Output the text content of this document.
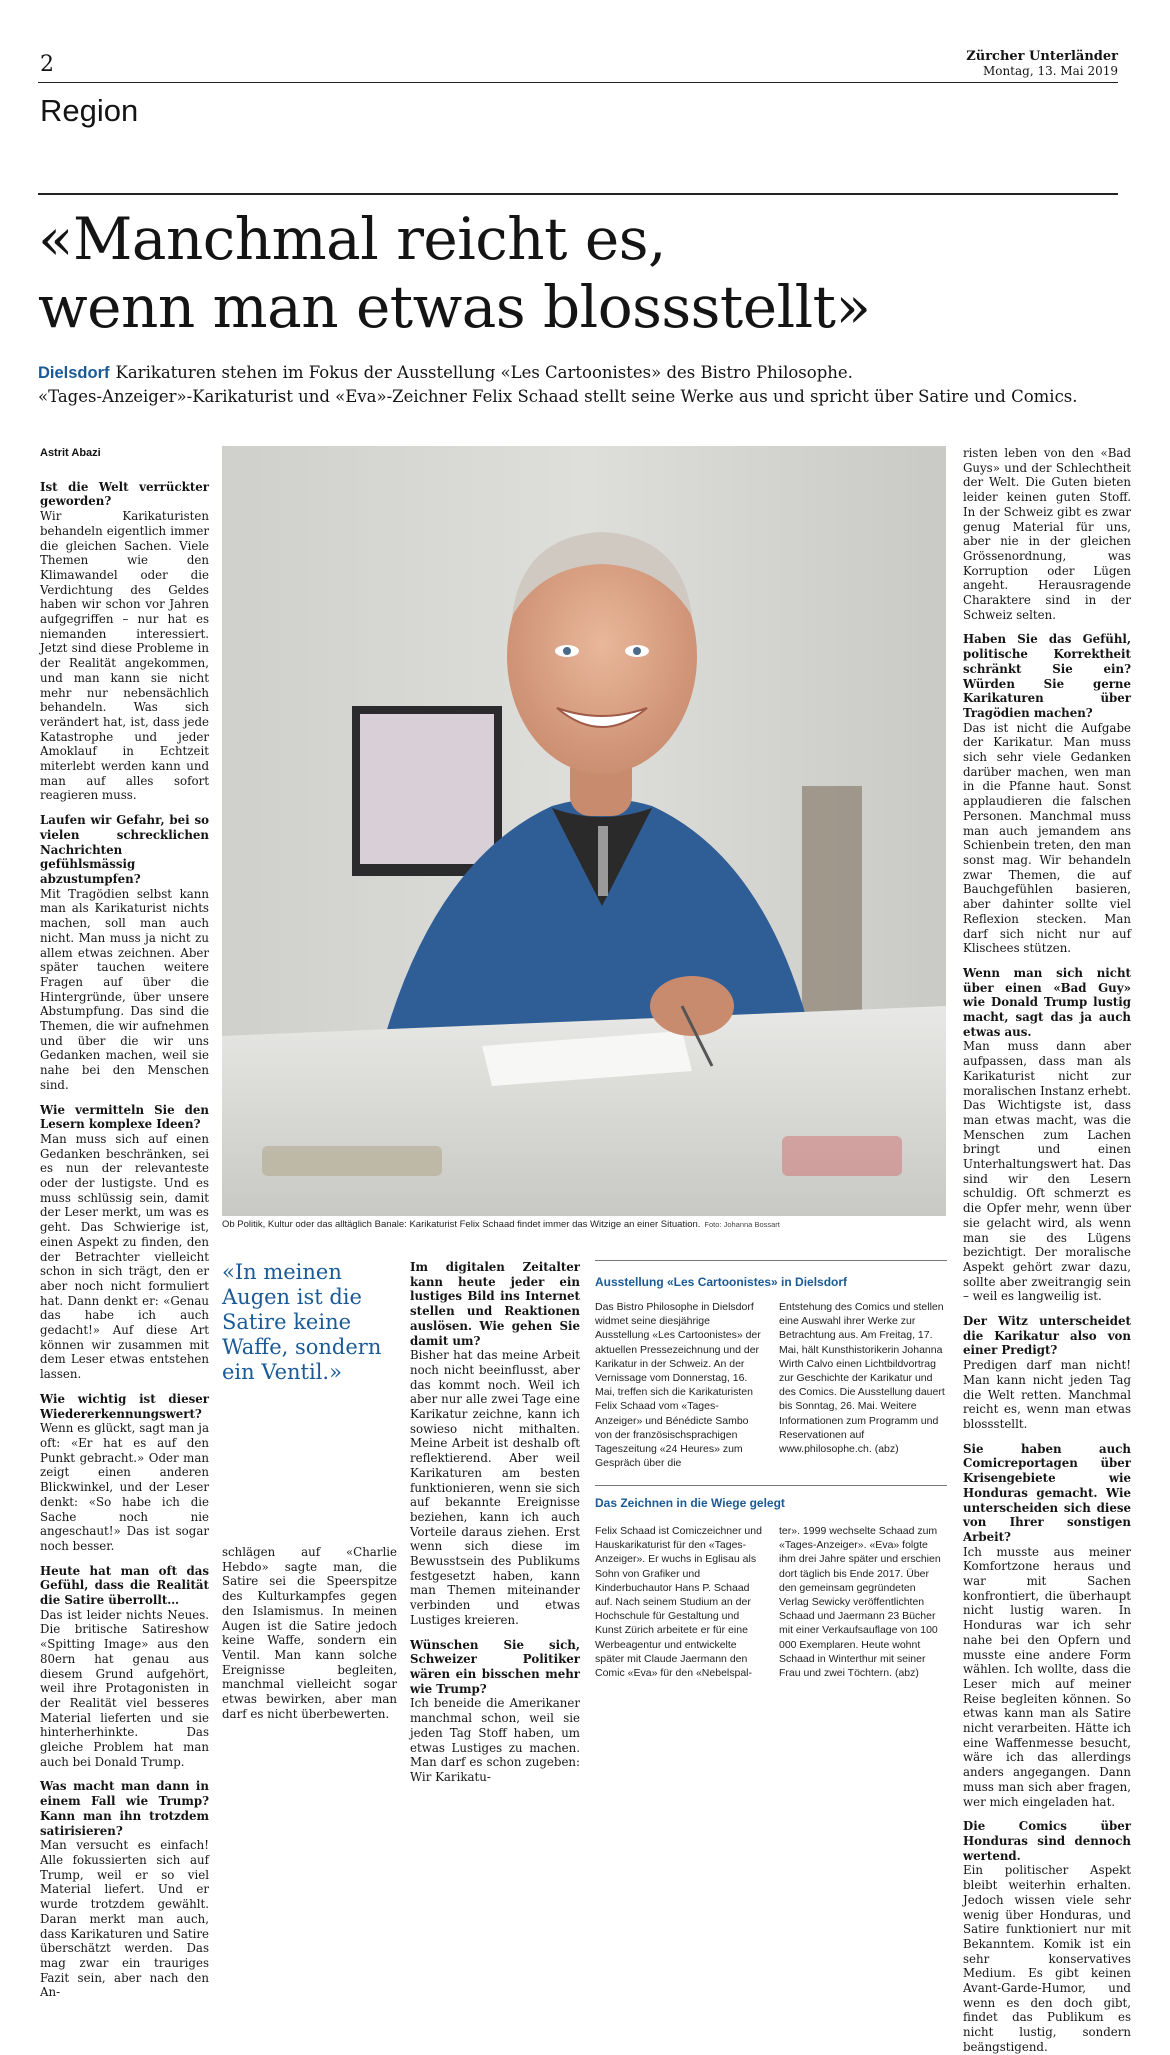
2	Zürcher Unterländer
Montag, 13. Mai 2019
Region
«Manchmal reicht es,
wenn man etwas blossstellt»
Dielsdorf Karikaturen stehen im Fokus der Ausstellung «Les Cartoonistes» des Bistro Philosophe.
«Tages-Anzeiger»-Karikaturist und «Eva»-Zeichner Felix Schaad stellt seine Werke aus und spricht über Satire und Comics.

Astrit Abazi

Ist die Welt verrückter geworden?

Wir Karikaturisten behandeln eigentlich immer die gleichen Sachen. Viele Themen wie den Klimawandel oder die Verdichtung des Geldes haben wir schon vor Jahren aufgegriffen – nur hat es niemanden interessiert. Jetzt sind diese Probleme in der Realität angekommen, und man kann sie nicht mehr nur nebensächlich behandeln. Was sich verändert hat, ist, dass jede Katastrophe und jeder Amoklauf in Echtzeit miterlebt werden kann und man auf alles sofort reagieren muss.

Laufen wir Gefahr, bei so vielen schrecklichen Nachrichten gefühlsmässig abzustumpfen?

Mit Tragödien selbst kann man als Karikaturist nichts machen, soll man auch nicht. Man muss ja nicht zu allem etwas zeichnen. Aber später tauchen weitere Fragen auf über die Hintergründe, über unsere Abstumpfung. Das sind die Themen, die wir aufnehmen und über die wir uns Gedanken machen, weil sie nahe bei den Menschen sind.

Wie vermitteln Sie den Lesern komplexe Ideen?

Man muss sich auf einen Gedanken beschränken, sei es nun der relevanteste oder der lustigste. Und es muss schlüssig sein, damit der Leser merkt, um was es geht. Das Schwierige ist, einen Aspekt zu finden, den der Betrachter vielleicht schon in sich trägt, den er aber noch nicht formuliert hat. Dann denkt er: «Genau das habe ich auch gedacht!» Auf diese Art können wir zusammen mit dem Leser etwas entstehen lassen.

Wie wichtig ist dieser Wiedererkennungswert?

Wenn es glückt, sagt man ja oft: «Er hat es auf den Punkt gebracht.» Oder man zeigt einen anderen Blickwinkel, und der Leser denkt: «So habe ich die Sache noch nie angeschaut!» Das ist sogar noch besser.

Heute hat man oft das Gefühl, dass die Realität die Satire überrollt…

Das ist leider nichts Neues. Die britische Satireshow «Spitting Image» aus den 80ern hat genau aus diesem Grund aufgehört, weil ihre Protagonisten in der Realität viel besseres Material lieferten und sie hinterherhinkte. Das gleiche Problem hat man auch bei Donald Trump.

Was macht man dann in einem Fall wie Trump? Kann man ihn trotzdem satirisieren?

Man versucht es einfach! Alle fokussierten sich auf Trump, weil er so viel Material liefert. Und er wurde trotzdem gewählt. Daran merkt man auch, dass Karikaturen und Satire überschätzt werden. Das mag zwar ein trauriges Fazit sein, aber nach den An-

Ob Politik, Kultur oder das alltäglich Banale: Karikaturist Felix Schaad findet immer das Witzige an einer Situation. Foto: Johanna Bossart
«In meinen Augen ist die Satire keine Waffe, sondern ein Ventil.»

schlägen auf «Charlie Hebdo» sagte man, die Satire sei die Speerspitze des Kulturkampfes gegen den Islamismus. In meinen Augen ist die Satire jedoch keine Waffe, sondern ein Ventil. Man kann solche Ereignisse begleiten, manchmal vielleicht sogar etwas bewirken, aber man darf es nicht überbewerten.

Im digitalen Zeitalter kann heute jeder ein lustiges Bild ins Internet stellen und Reaktionen auslösen. Wie gehen Sie damit um?

Bisher hat das meine Arbeit noch nicht beeinflusst, aber das kommt noch. Weil ich aber nur alle zwei Tage eine Karikatur zeichne, kann ich sowieso nicht mithalten. Meine Arbeit ist deshalb oft reflektierend. Aber weil Karikaturen am besten funktionieren, wenn sie sich auf bekannte Ereignisse beziehen, kann ich auch Vorteile daraus ziehen. Erst wenn sich diese im Bewusstsein des Publikums festgesetzt haben, kann man Themen miteinander verbinden und etwas Lustiges kreieren.

Wünschen Sie sich, Schweizer Politiker wären ein bisschen mehr wie Trump?

Ich beneide die Amerikaner manchmal schon, weil sie jeden Tag Stoff haben, um etwas Lustiges zu machen. Man darf es schon zugeben: Wir Karikatu-

Ausstellung «Les Cartoonistes» in Dielsdorf
Das Bistro Philosophe in Dielsdorf widmet seine diesjährige Ausstellung «Les Cartoonistes» der aktuellen Pressezeichnung und der Karikatur in der Schweiz. An der Vernissage vom Donnerstag, 16. Mai, treffen sich die Karikaturisten Felix Schaad vom «Tages-Anzeiger» und Bénédicte Sambo von der französischsprachigen Tageszeitung «24 Heures» zum Gespräch über die
Entstehung des Comics und stellen eine Auswahl ihrer Werke zur Betrachtung aus. Am Freitag, 17. Mai, hält Kunsthistorikerin Johanna Wirth Calvo einen Lichtbildvortrag zur Geschichte der Karikatur und des Comics. Die Ausstellung dauert bis Sonntag, 26. Mai. Weitere Informationen zum Programm und Reservationen auf www.philosophe.ch. (abz)
Das Zeichnen in die Wiege gelegt
Felix Schaad ist Comiczeichner und Hauskarikaturist für den «Tages-Anzeiger». Er wuchs in Eglisau als Sohn von Grafiker und Kinderbuchautor Hans P. Schaad auf. Nach seinem Studium an der Hochschule für Gestaltung und Kunst Zürich arbeitete er für eine Werbeagentur und entwickelte später mit Claude Jaermann den Comic «Eva» für den «Nebelspal-
ter». 1999 wechselte Schaad zum «Tages-Anzeiger». «Eva» folgte ihm drei Jahre später und erschien dort täglich bis Ende 2017. Über den gemeinsam gegründeten Verlag Sewicky veröffentlichten Schaad und Jaermann 23 Bücher mit einer Verkaufsauflage von 100 000 Exemplaren. Heute wohnt Schaad in Winterthur mit seiner Frau und zwei Töchtern. (abz)

risten leben von den «Bad Guys» und der Schlechtheit der Welt. Die Guten bieten leider keinen guten Stoff. In der Schweiz gibt es zwar genug Material für uns, aber nie in der gleichen Grössenordnung, was Korruption oder Lügen angeht. Herausragende Charaktere sind in der Schweiz selten.

Haben Sie das Gefühl, politische Korrektheit schränkt Sie ein? Würden Sie gerne Karikaturen über Tragödien machen?

Das ist nicht die Aufgabe der Karikatur. Man muss sich sehr viele Gedanken darüber machen, wen man in die Pfanne haut. Sonst applaudieren die falschen Personen. Manchmal muss man auch jemandem ans Schienbein treten, den man sonst mag. Wir behandeln zwar Themen, die auf Bauchgefühlen basieren, aber dahinter sollte viel Reflexion stecken. Man darf sich nicht nur auf Klischees stützen.

Wenn man sich nicht über einen «Bad Guy» wie Donald Trump lustig macht, sagt das ja auch etwas aus.

Man muss dann aber aufpassen, dass man als Karikaturist nicht zur moralischen Instanz erhebt. Das Wichtigste ist, dass man etwas macht, was die Menschen zum Lachen bringt und einen Unterhaltungswert hat. Das sind wir den Lesern schuldig. Oft schmerzt es die Opfer mehr, wenn über sie gelacht wird, als wenn man sie des Lügens bezichtigt. Der moralische Aspekt gehört zwar dazu, sollte aber zweitrangig sein – weil es langweilig ist.

Der Witz unterscheidet die Karikatur also von einer Predigt?

Predigen darf man nicht! Man kann nicht jeden Tag die Welt retten. Manchmal reicht es, wenn man etwas blossstellt.

Sie haben auch Comicreportagen über Krisengebiete wie Honduras gemacht. Wie unterscheiden sich diese von Ihrer sonstigen Arbeit?

Ich musste aus meiner Komfortzone heraus und war mit Sachen konfrontiert, die überhaupt nicht lustig waren. In Honduras war ich sehr nahe bei den Opfern und musste eine andere Form wählen. Ich wollte, dass die Leser mich auf meiner Reise begleiten können. So etwas kann man als Satire nicht verarbeiten. Hätte ich eine Waffenmesse besucht, wäre ich das allerdings anders angegangen. Dann muss man sich aber fragen, wer mich eingeladen hat.

Die Comics über Honduras sind dennoch wertend.

Ein politischer Aspekt bleibt weiterhin erhalten. Jedoch wissen viele sehr wenig über Honduras, und Satire funktioniert nur mit Bekanntem. Komik ist ein sehr konservatives Medium. Es gibt keinen Avant-Garde-Humor, und wenn es den doch gibt, findet das Publikum es nicht lustig, sondern beängstigend.
